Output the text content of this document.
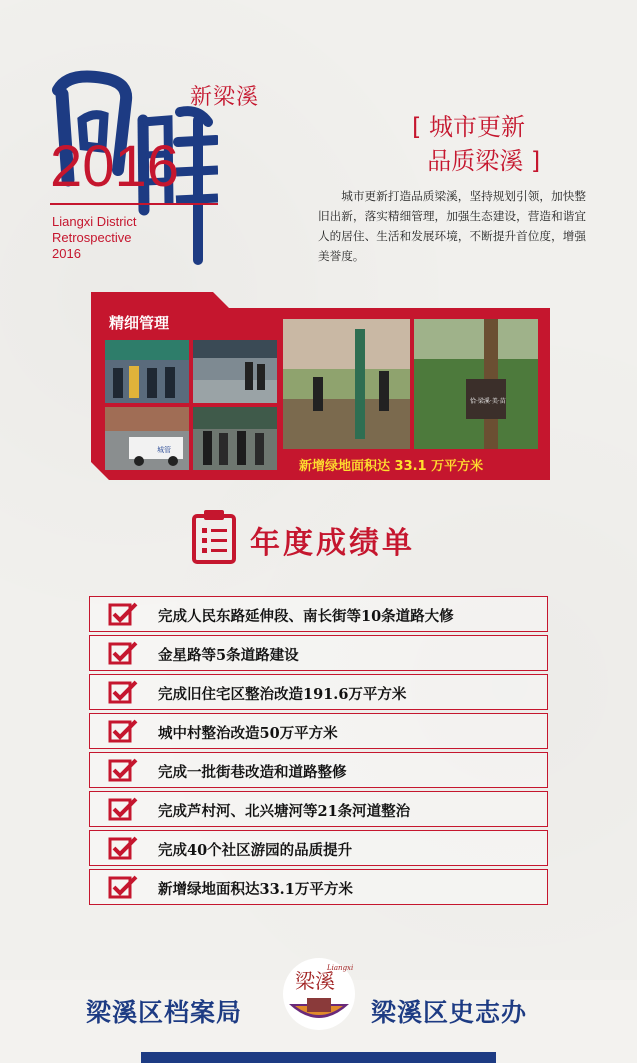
2016
新梁溪
Liangxi District
Retrospective
2016
[ 城市更新
品质梁溪 ]
城市更新打造品质梁溪，坚持规划引领，加快整旧出新，落实精细管理，加强生态建设，营造和谐宜人的居住、生活和发展环境，不断提升首位度，增强美誉度。
精细管理
城管
恰·梁溪·美·苗
新增绿地面积达 33.1 万平方米
年度成绩单
完成人民东路延伸段、南长街等10条道路大修
金星路等5条道路建设
完成旧住宅区整治改造191.6万平方米
城中村整治改造50万平方米
完成一批街巷改造和道路整修
完成芦村河、北兴塘河等21条河道整治
完成40个社区游园的品质提升
新增绿地面积达33.1万平方米
梁溪区档案局
梁溪
Liangxi
梁溪区史志办
